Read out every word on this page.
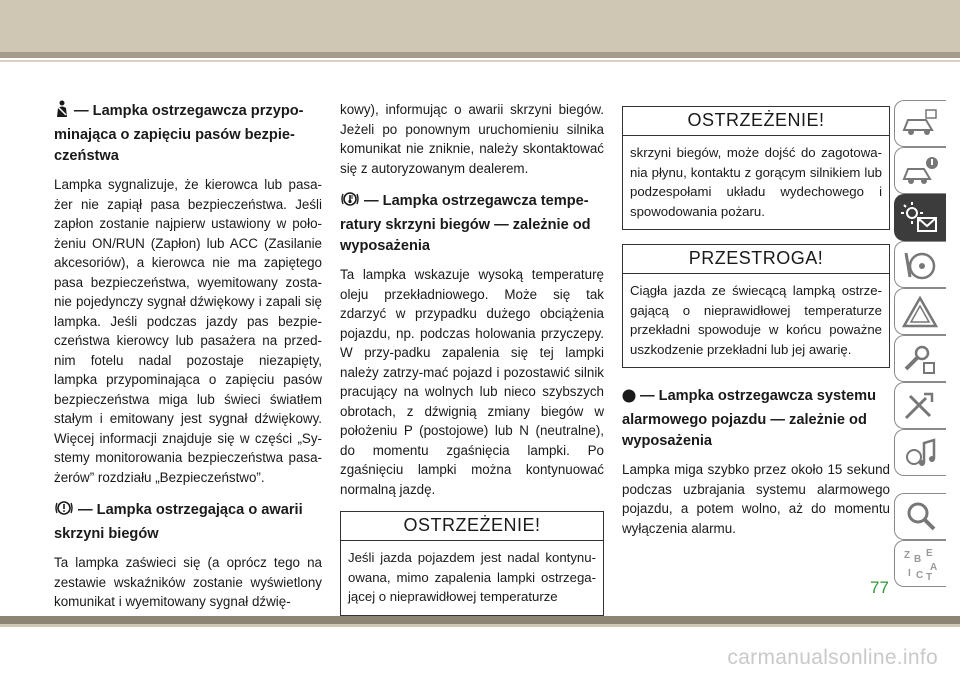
— Lampka ostrzegawcza przypo-minająca o zapięciu pasów bezpie-czeństwa
Lampka sygnalizuje, że kierowca lub pasa-żer nie zapiął pasa bezpieczeństwa. Jeśli zapłon zostanie najpierw ustawiony w poło-żeniu ON/RUN (Zapłon) lub ACC (Zasilanie akcesoriów), a kierowca nie ma zapiętego pasa bezpieczeństwa, wyemitowany zosta-nie pojedynczy sygnał dźwiękowy i zapali się lampka. Jeśli podczas jazdy pas bezpie-czeństwa kierowcy lub pasażera na przed-nim fotelu nadal pozostaje niezapięty, lampka przypominająca o zapięciu pasów bezpieczeństwa miga lub świeci światłem stałym i emitowany jest sygnał dźwiękowy. Więcej informacji znajduje się w części „Sy-stemy monitorowania bezpieczeństwa pasa-żerów” rozdziału „Bezpieczeństwo”.
— Lampka ostrzegająca o awarii skrzyni biegów
Ta lampka zaświeci się (a oprócz tego na zestawie wskaźników zostanie wyświetlony komunikat i wyemitowany sygnał dźwię-
kowy), informując o awarii skrzyni biegów. Jeżeli po ponownym uruchomieniu silnika komunikat nie zniknie, należy skontaktować się z autoryzowanym dealerem.
— Lampka ostrzegawcza tempe-ratury skrzyni biegów — zależnie od wyposażenia
Ta lampka wskazuje wysoką temperaturę oleju przekładniowego. Może się tak zdarzyć w przypadku dużego obciążenia pojazdu, np. podczas holowania przyczepy. W przy-padku zapalenia się tej lampki należy zatrzy-mać pojazd i pozostawić silnik pracujący na wolnych lub nieco szybszych obrotach, z dźwignią zmiany biegów w położeniu P (postojowe) lub N (neutralne), do momentu zgaśnięcia lampki. Po zgaśnięciu lampki można kontynuować normalną jazdę.
OSTRZEŻENIE!
Jeśli jazda pojazdem jest nadal kontynu-owana, mimo zapalenia lampki ostrzega-jącej o nieprawidłowej temperaturze
OSTRZEŻENIE!
skrzyni biegów, może dojść do zagotowa-nia płynu, kontaktu z gorącym silnikiem lub podzespołami układu wydechowego i spowodowania pożaru.
PRZESTROGA!
Ciągła jazda ze świecącą lampką ostrze-gającą o nieprawidłowej temperaturze przekładni spowoduje w końcu poważne uszkodzenie przekładni lub jej awarię.
— Lampka ostrzegawcza systemu alarmowego pojazdu — zależnie od wyposażenia
Lampka miga szybko przez około 15 sekund podczas uzbrajania systemu alarmowego pojazdu, a potem wolno, aż do momentu wyłączenia alarmu.
Z B
E
A
I C T
77
carmanualsonline.info
